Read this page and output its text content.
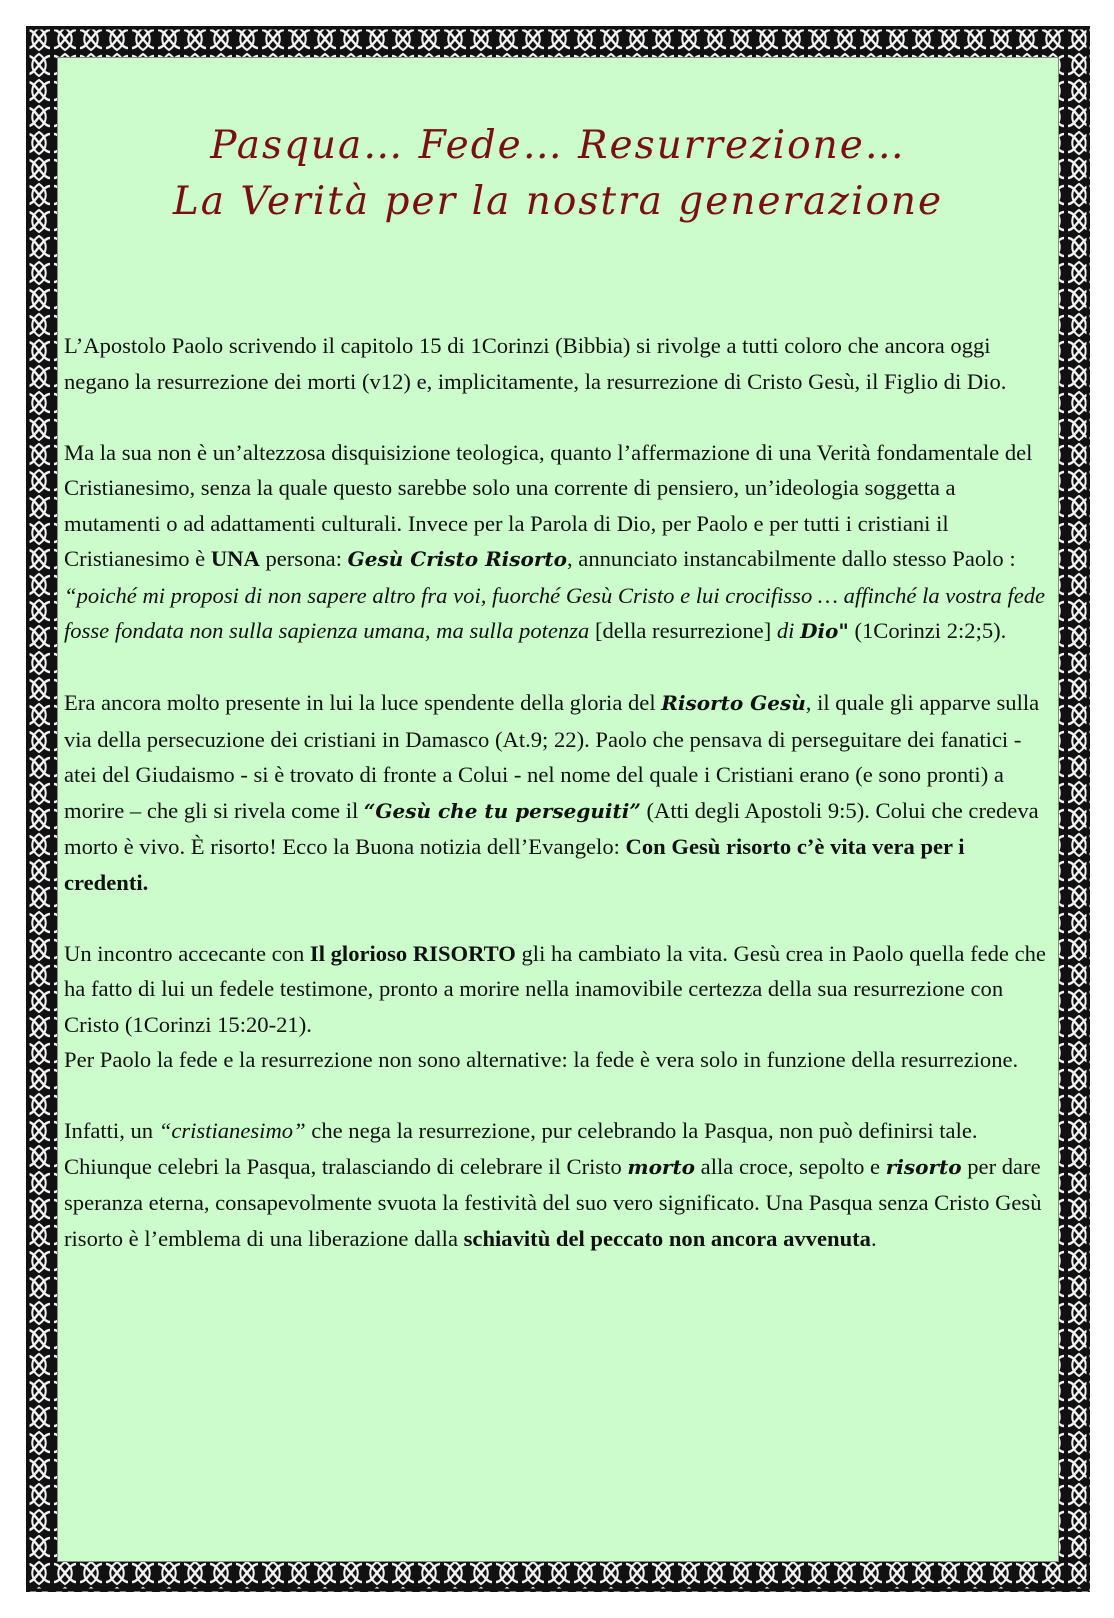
Pasqua… Fede… Resurrezione…
La Verità per la nostra generazione

L’Apostolo Paolo scrivendo il capitolo 15 di 1Corinzi (Bibbia) si rivolge a tutti coloro che ancora oggi negano la resurrezione dei morti (v12) e, implicitamente, la resurrezione di Cristo Gesù, il Figlio di Dio.

Ma la sua non è un’altezzosa disquisizione teologica, quanto l’affermazione di una Verità fondamentale del Cristianesimo, senza la quale questo sarebbe solo una corrente di pensiero, un’ideologia soggetta a mutamenti o ad adattamenti culturali. Invece per la Parola di Dio, per Paolo e per tutti i cristiani il Cristianesimo è UNA persona: Gesù Cristo Risorto, annunciato instancabilmente dallo stesso Paolo : “poiché mi proposi di non sapere altro fra voi, fuorché Gesù Cristo e lui crocifisso … affinché la vostra fede fosse fondata non sulla sapienza umana, ma sulla potenza [della resurrezione] di Dio" (1Corinzi 2:2;5).

Era ancora molto presente in lui la luce spendente della gloria del Risorto Gesù, il quale gli apparve sulla via della persecuzione dei cristiani in Damasco (At.9; 22). Paolo che pensava di perseguitare dei fanatici - atei del Giudaismo - si è trovato di fronte a Colui - nel nome del quale i Cristiani erano (e sono pronti) a morire – che gli si rivela come il “Gesù che tu perseguiti” (Atti degli Apostoli 9:5). Colui che credeva morto è vivo. È risorto! Ecco la Buona notizia dell’Evangelo: Con Gesù risorto c’è vita vera per i credenti.

Un incontro accecante con Il glorioso RISORTO gli ha cambiato la vita. Gesù crea in Paolo quella fede che ha fatto di lui un fedele testimone, pronto a morire nella inamovibile certezza della sua resurrezione con Cristo (1Corinzi 15:20-21).
Per Paolo la fede e la resurrezione non sono alternative: la fede è vera solo in funzione della resurrezione.

Infatti, un “cristianesimo” che nega la resurrezione, pur celebrando la Pasqua, non può definirsi tale. Chiunque celebri la Pasqua, tralasciando di celebrare il Cristo morto alla croce, sepolto e risorto per dare speranza eterna, consapevolmente svuota la festività del suo vero significato. Una Pasqua senza Cristo Gesù risorto è l’emblema di una liberazione dalla schiavitù del peccato non ancora avvenuta.
